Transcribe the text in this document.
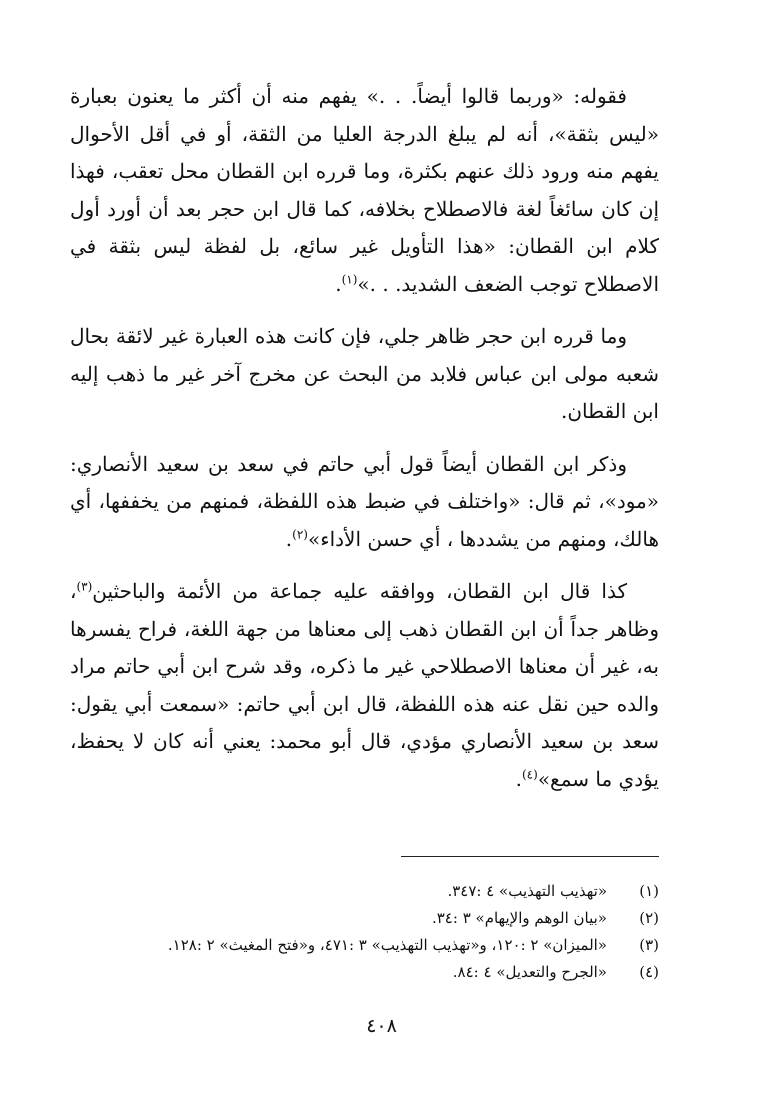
فقوله: «وربما قالوا أيضاً. . .» يفهم منه أن أكثر ما يعنون بعبارة «ليس بثقة»، أنه لم يبلغ الدرجة العليا من الثقة، أو في أقل الأحوال يفهم منه ورود ذلك عنهم بكثرة، وما قرره ابن القطان محل تعقب، فهذا إن كان سائغاً لغة فالاصطلاح بخلافه، كما قال ابن حجر بعد أن أورد أول كلام ابن القطان: «هذا التأويل غير سائع، بل لفظة ليس بثقة في الاصطلاح توجب الضعف الشديد. . .»$^{(١)}$.

وما قرره ابن حجر ظاهر جلي، فإن كانت هذه العبارة غير لائقة بحال شعبه مولى ابن عباس فلابد من البحث عن مخرج آخر غير ما ذهب إليه ابن القطان.

وذكر ابن القطان أيضاً قول أبي حاتم في سعد بن سعيد الأنصاري: «مود»، ثم قال: «واختلف في ضبط هذه اللفظة، فمنهم من يخففها، أي هالك، ومنهم من يشددها ، أي حسن الأداء»$^{(٢)}$.

كذا قال ابن القطان، ووافقه عليه جماعة من الأئمة والباحثين$^{(٣)}$، وظاهر جداً أن ابن القطان ذهب إلى معناها من جهة اللغة، فراح يفسرها به، غير أن معناها الاصطلاحي غير ما ذكره، وقد شرح ابن أبي حاتم مراد والده حين نقل عنه هذه اللفظة، قال ابن أبي حاتم: «سمعت أبي يقول: سعد بن سعيد الأنصاري مؤدي، قال أبو محمد: يعني أنه كان لا يحفظ، يؤدي ما سمع»$^{(٤)}$.

(١)«تهذيب التهذيب» ٤ :٣٤٧.
(٢)«بيان الوهم والإيهام» ٣ :٣٤.
(٣)«الميزان» ٢ :١٢٠، و«تهذيب التهذيب» ٣ :٤٧١، و«فتح المغيث» ٢ :١٢٨.
(٤)«الجرح والتعديل» ٤ :٨٤.
٤٠٨
